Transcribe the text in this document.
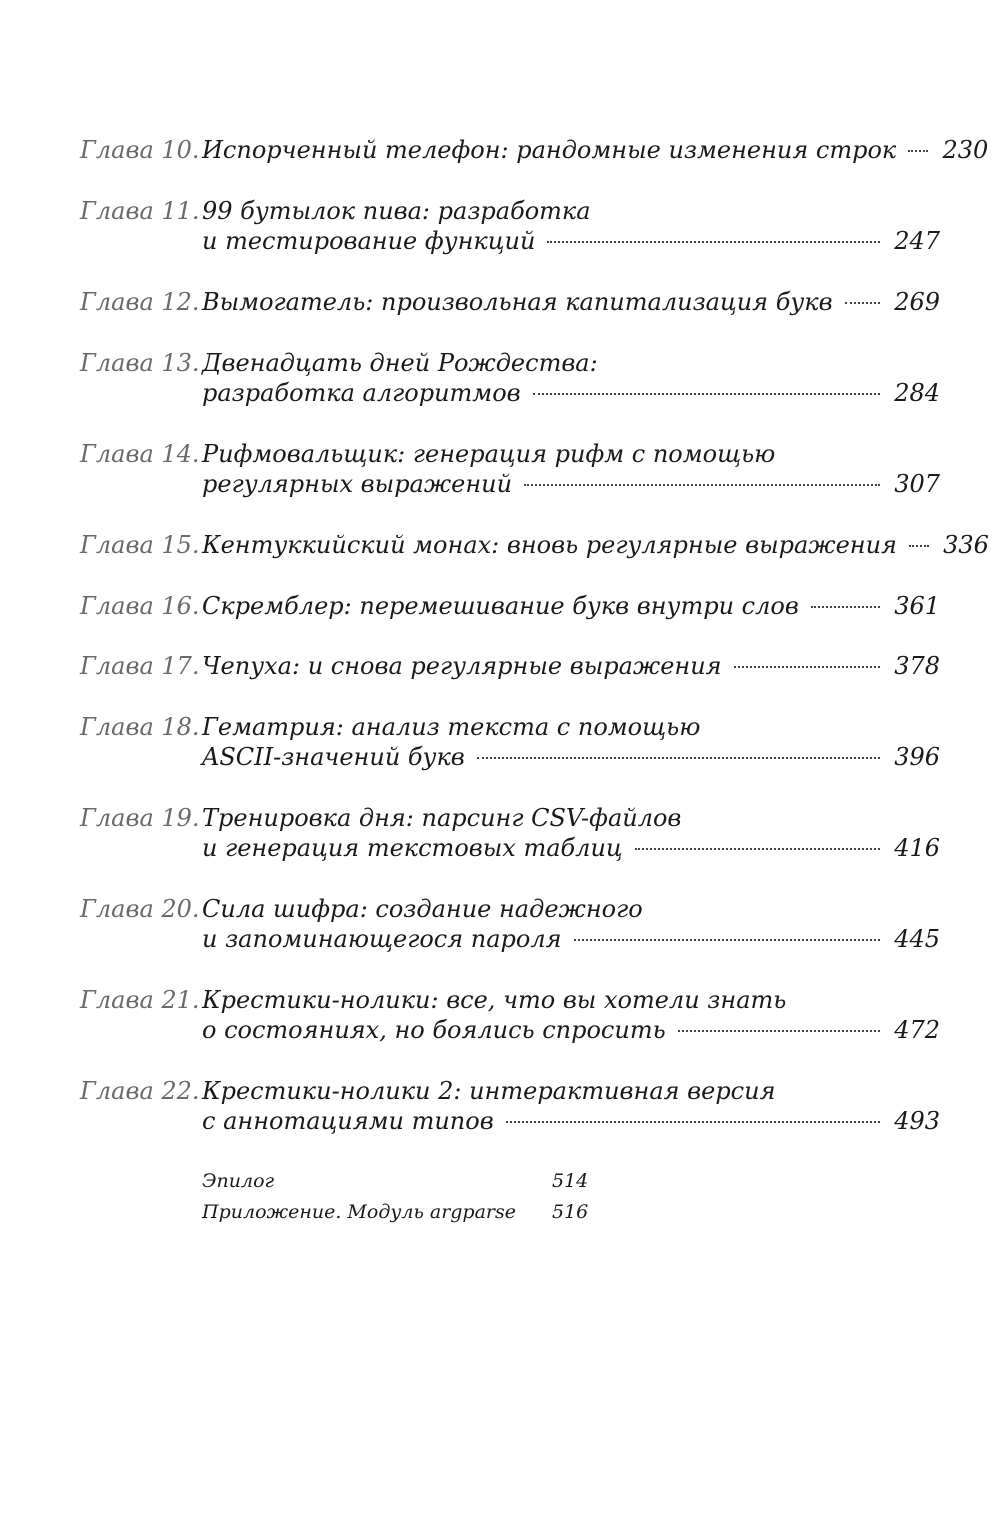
Глава 10. Испорченный телефон: рандомные изменения строк 230
Глава 11. 99 бутылок пива: разработка
и тестирование функций	247
Глава 12. Вымогатель: произвольная капитализация букв	269
Глава 13. Двенадцать дней Рождества:
разработка алгоритмов	284
Глава 14. Рифмовальщик: генерация рифм с помощью
регулярных выражений	307
Глава 15. Кентуккийский монах: вновь регулярные выражения 336
Глава 16. Скремблер: перемешивание букв внутри слов	361
Глава 17. Чепуха: и снова регулярные выражения	378
Глава 18. Гематрия: анализ текста с помощью
ASCII-значений букв	396
Глава 19. Тренировка дня: парсинг CSV-файлов
и генерация текстовых таблиц	416
Глава 20. Сила шифра: создание надежного
и запоминающегося пароля	445
Глава 21. Крестики-нолики: все, что вы хотели знать
о состояниях, но боялись спросить	472
Глава 22. Крестики-нолики 2: интерактивная версия
с аннотациями типов	493
Эпилог	514
Приложение. Модуль argparse 516
